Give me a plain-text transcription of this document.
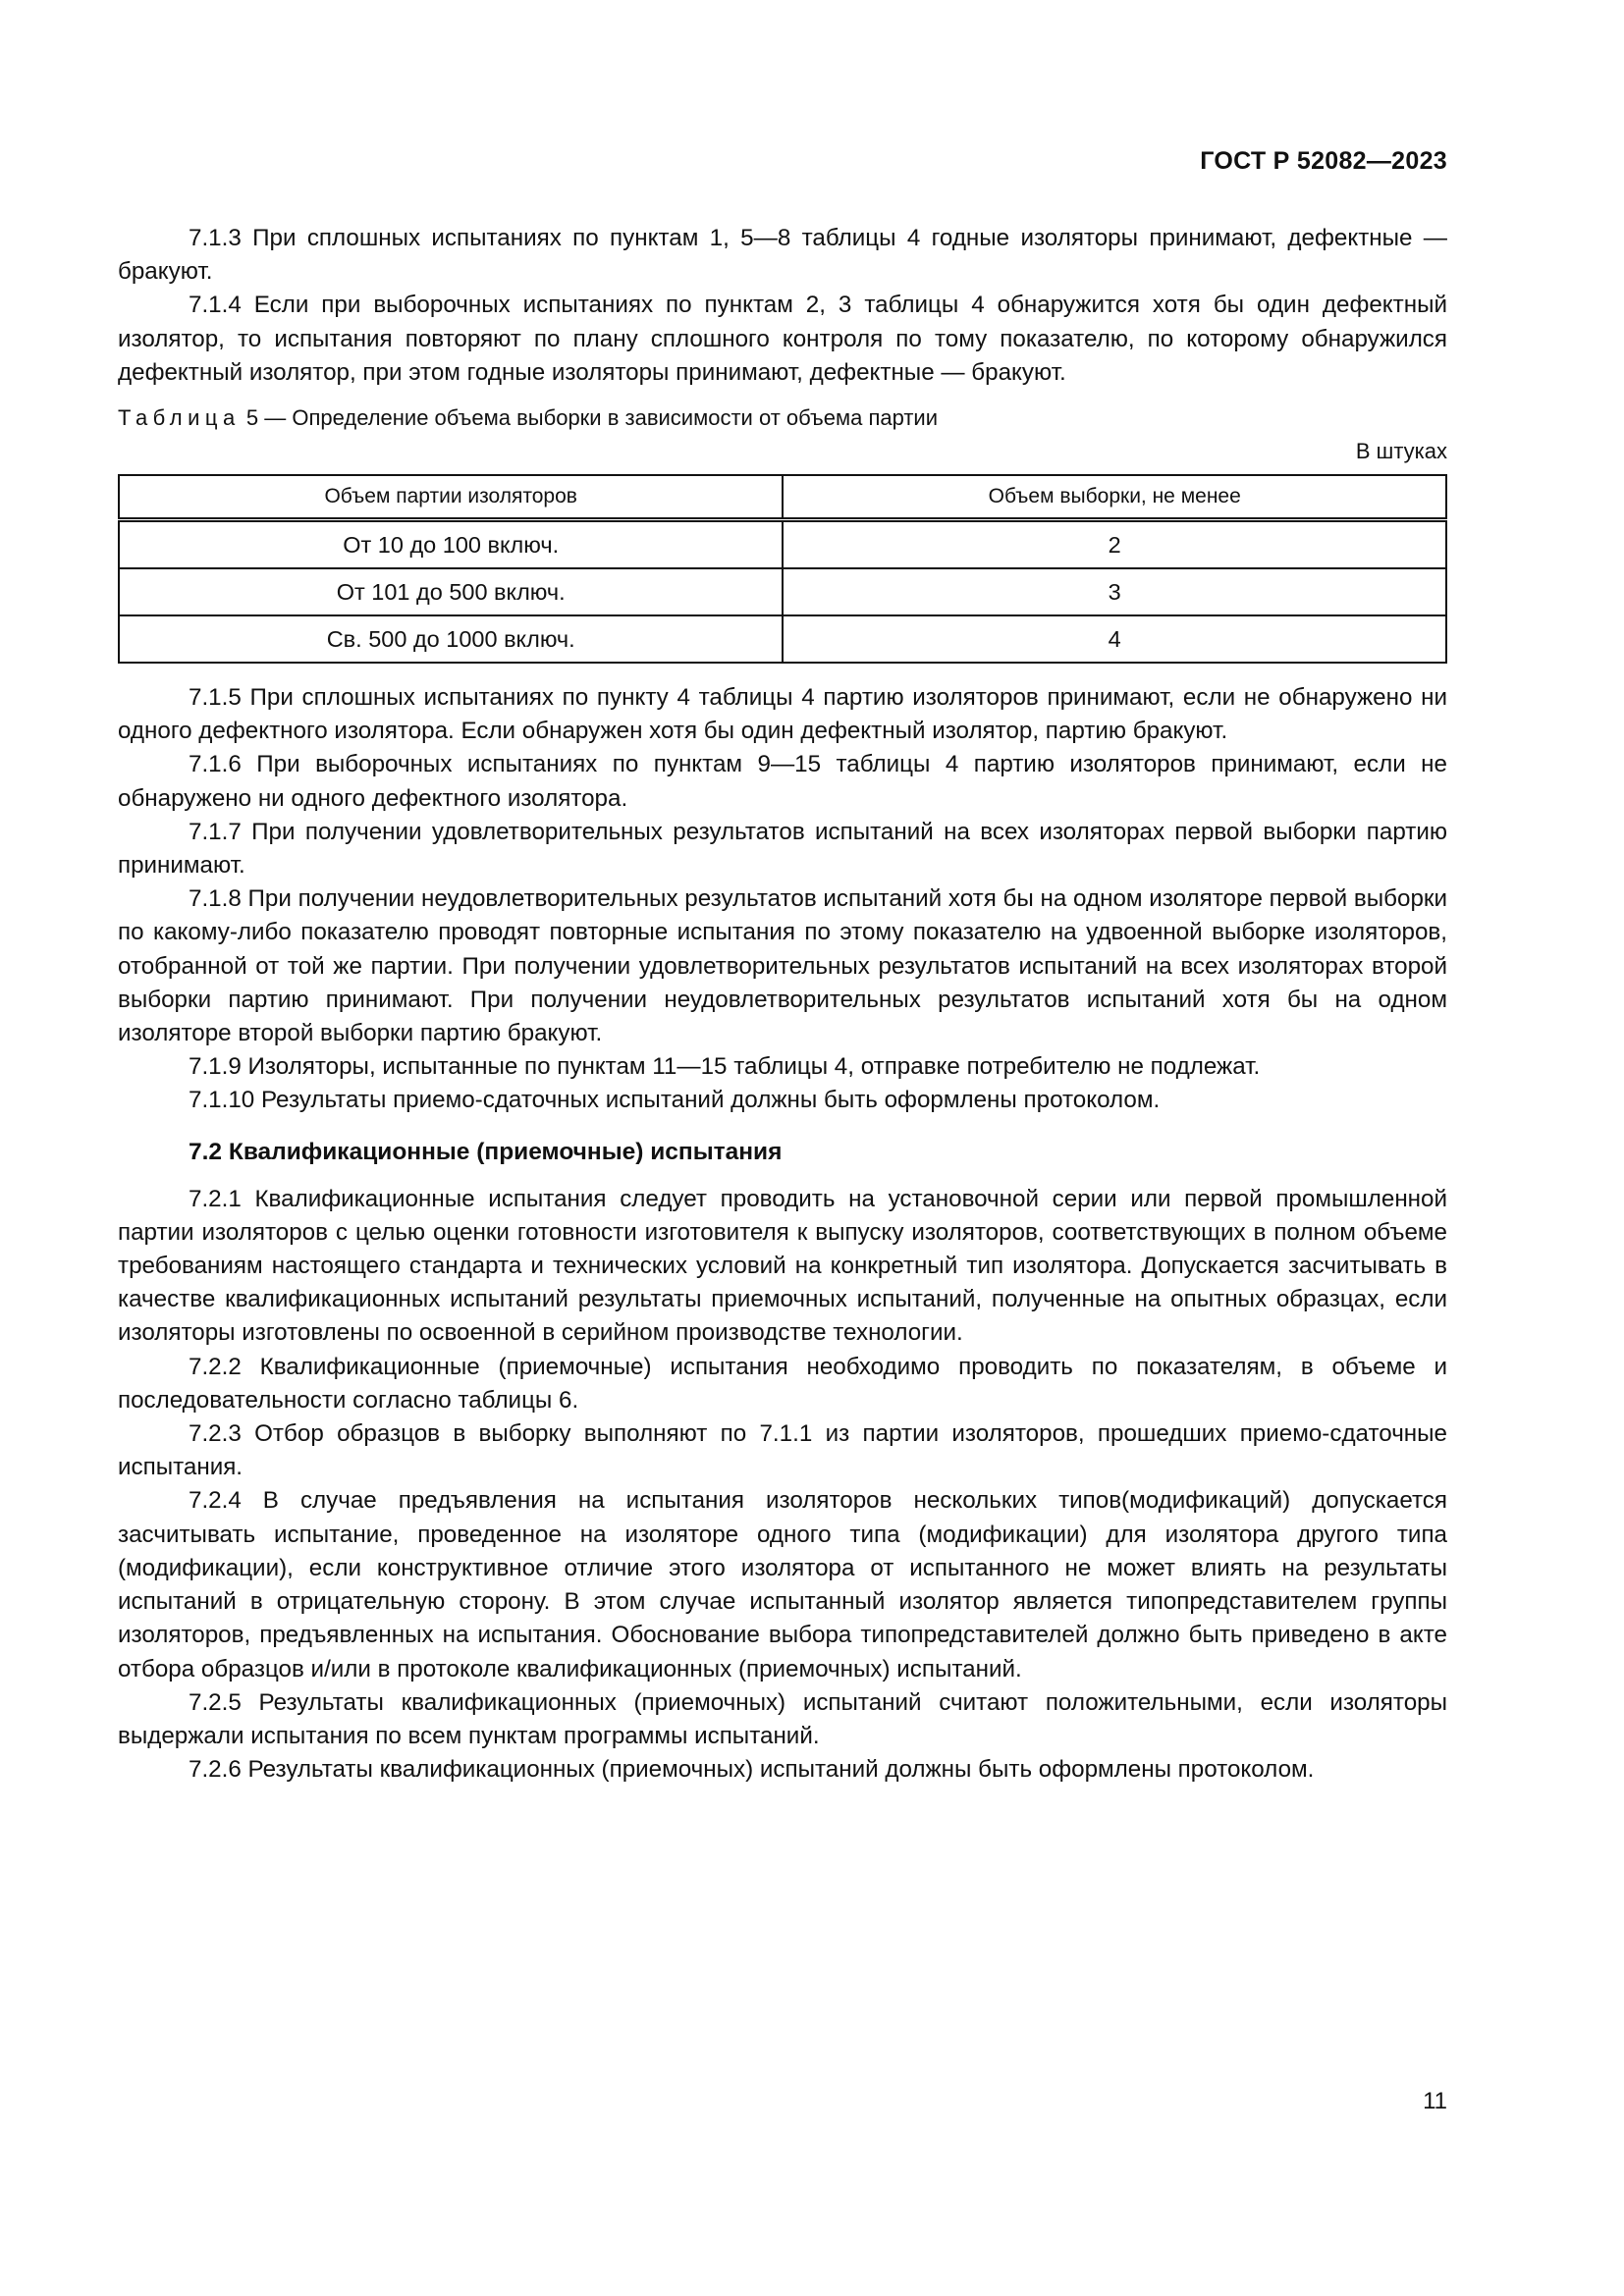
ГОСТ Р 52082—2023

7.1.3 При сплошных испытаниях по пунктам 1, 5—8 таблицы 4 годные изоляторы принимают, дефектные — бракуют.

7.1.4 Если при выборочных испытаниях по пунктам 2, 3 таблицы 4 обнаружится хотя бы один дефектный изолятор, то испытания повторяют по плану сплошного контроля по тому показателю, по которому обнаружился дефектный изолятор, при этом годные изоляторы принимают, дефектные — бракуют.

Таблица 5 — Определение объема выборки в зависимости от объема партии
В штуках
Объем партии изоляторов	Объем выборки, не менее
От 10 до 100 включ.	2
От 101 до 500 включ.	3
Св. 500 до 1000 включ.	4

7.1.5 При сплошных испытаниях по пункту 4 таблицы 4 партию изоляторов принимают, если не обнаружено ни одного дефектного изолятора. Если обнаружен хотя бы один дефектный изолятор, партию бракуют.

7.1.6 При выборочных испытаниях по пунктам 9—15 таблицы 4 партию изоляторов принимают, если не обнаружено ни одного дефектного изолятора.

7.1.7 При получении удовлетворительных результатов испытаний на всех изоляторах первой выборки партию принимают.

7.1.8 При получении неудовлетворительных результатов испытаний хотя бы на одном изоляторе первой выборки по какому-либо показателю проводят повторные испытания по этому показателю на удвоенной выборке изоляторов, отобранной от той же партии. При получении удовлетворительных результатов испытаний на всех изоляторах второй выборки партию принимают. При получении неудовлетворительных результатов испытаний хотя бы на одном изоляторе второй выборки партию бракуют.

7.1.9 Изоляторы, испытанные по пунктам 11—15 таблицы 4, отправке потребителю не подлежат.

7.1.10 Результаты приемо-сдаточных испытаний должны быть оформлены протоколом.

7.2 Квалификационные (приемочные) испытания

7.2.1 Квалификационные испытания следует проводить на установочной серии или первой промышленной партии изоляторов с целью оценки готовности изготовителя к выпуску изоляторов, соответствующих в полном объеме требованиям настоящего стандарта и технических условий на конкретный тип изолятора. Допускается засчитывать в качестве квалификационных испытаний результаты приемочных испытаний, полученные на опытных образцах, если изоляторы изготовлены по освоенной в серийном производстве технологии.

7.2.2 Квалификационные (приемочные) испытания необходимо проводить по показателям, в объеме и последовательности согласно таблицы 6.

7.2.3 Отбор образцов в выборку выполняют по 7.1.1 из партии изоляторов, прошедших приемо-сдаточные испытания.

7.2.4 В случае предъявления на испытания изоляторов нескольких типов(модификаций) допускается засчитывать испытание, проведенное на изоляторе одного типа (модификации) для изолятора другого типа (модификации), если конструктивное отличие этого изолятора от испытанного не может влиять на результаты испытаний в отрицательную сторону. В этом случае испытанный изолятор является типопредставителем группы изоляторов, предъявленных на испытания. Обоснование выбора типопредставителей должно быть приведено в акте отбора образцов и/или в протоколе квалификационных (приемочных) испытаний.

7.2.5 Результаты квалификационных (приемочных) испытаний считают положительными, если изоляторы выдержали испытания по всем пунктам программы испытаний.

7.2.6 Результаты квалификационных (приемочных) испытаний должны быть оформлены протоколом.

11
